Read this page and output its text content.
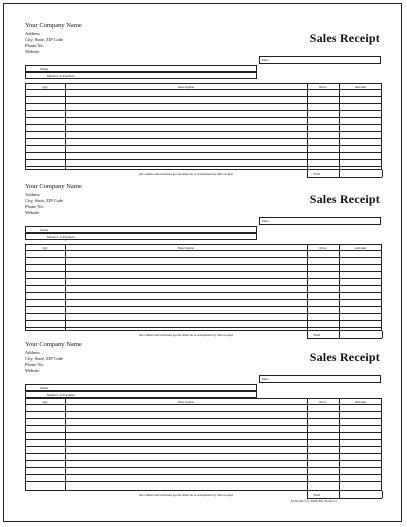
Your Company Name
Address
City, State, ZIP Code
Phone No.
Website
Sales Receipt
Date
Name
Method of Payment
Qty	Description	Price	Amount
All claims and returned goods must be accompanied by this receipt	Total
Your Company Name
Address
City, State, ZIP Code
Phone No.
Website
Sales Receipt
Date
Name
Method of Payment
Qty	Description	Price	Amount
All claims and returned goods must be accompanied by this receipt	Total
Your Company Name
Address
City, State, ZIP Code
Phone No.
Website
Sales Receipt
Date
Name
Method of Payment
Qty	Description	Price	Amount
All claims and returned goods must be accompanied by this receipt	Total
Form 40-1-G 2006 The Form Co.
